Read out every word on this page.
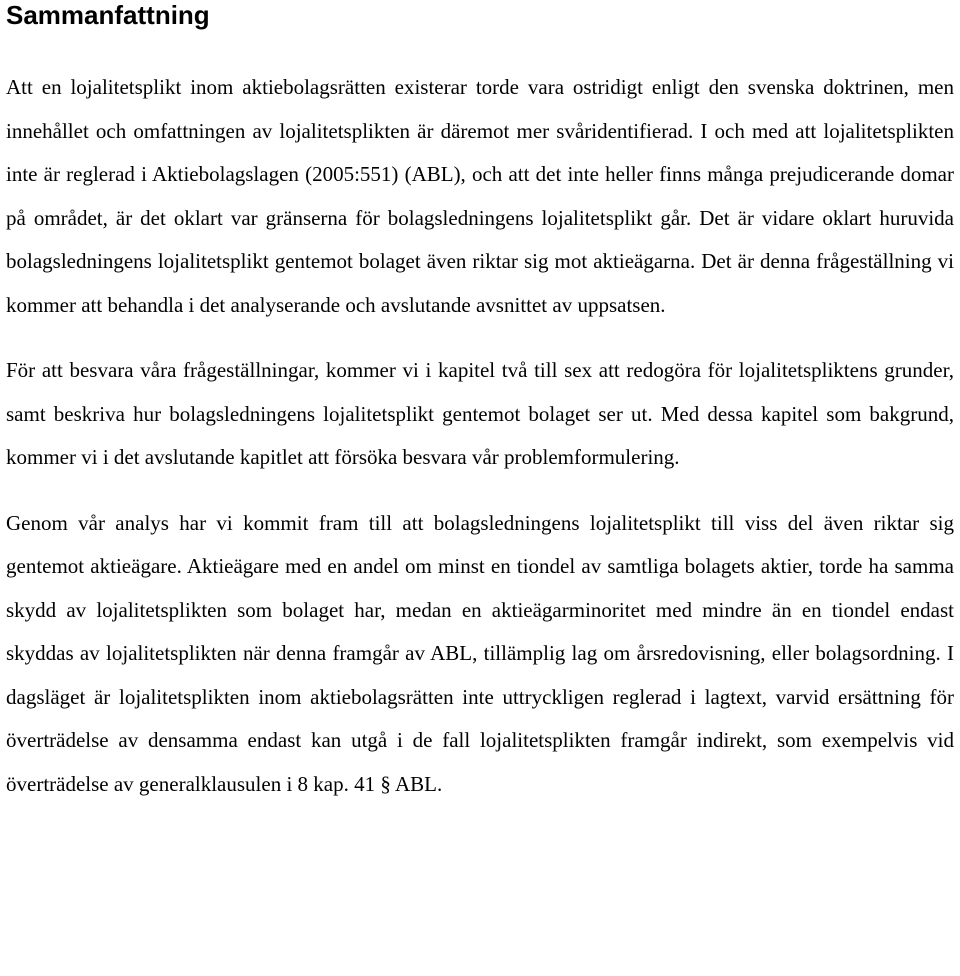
Sammanfattning

Att en lojalitetsplikt inom aktiebolagsrätten existerar torde vara ostridigt enligt den svenska doktrinen, men innehållet och omfattningen av lojalitetsplikten är däremot mer svåridentifierad. I och med att lojalitetsplikten inte är reglerad i Aktiebolagslagen (2005:551) (ABL), och att det inte heller finns många prejudicerande domar på området, är det oklart var gränserna för bolagsledningens lojalitetsplikt går. Det är vidare oklart huruvida bolagsledningens lojalitetsplikt gentemot bolaget även riktar sig mot aktieägarna. Det är denna frågeställning vi kommer att behandla i det analyserande och avslutande avsnittet av uppsatsen.

För att besvara våra frågeställningar, kommer vi i kapitel två till sex att redogöra för lojalitetspliktens grunder, samt beskriva hur bolagsledningens lojalitetsplikt gentemot bolaget ser ut. Med dessa kapitel som bakgrund, kommer vi i det avslutande kapitlet att försöka besvara vår problemformulering.

Genom vår analys har vi kommit fram till att bolagsledningens lojalitetsplikt till viss del även riktar sig gentemot aktieägare. Aktieägare med en andel om minst en tiondel av samtliga bolagets aktier, torde ha samma skydd av lojalitetsplikten som bolaget har, medan en aktieägarminoritet med mindre än en tiondel endast skyddas av lojalitetsplikten när denna framgår av ABL, tillämplig lag om årsredovisning, eller bolagsordning. I dagsläget är lojalitetsplikten inom aktiebolagsrätten inte uttryckligen reglerad i lagtext, varvid ersättning för överträdelse av densamma endast kan utgå i de fall lojalitetsplikten framgår indirekt, som exempelvis vid överträdelse av generalklausulen i 8 kap. 41 § ABL.
